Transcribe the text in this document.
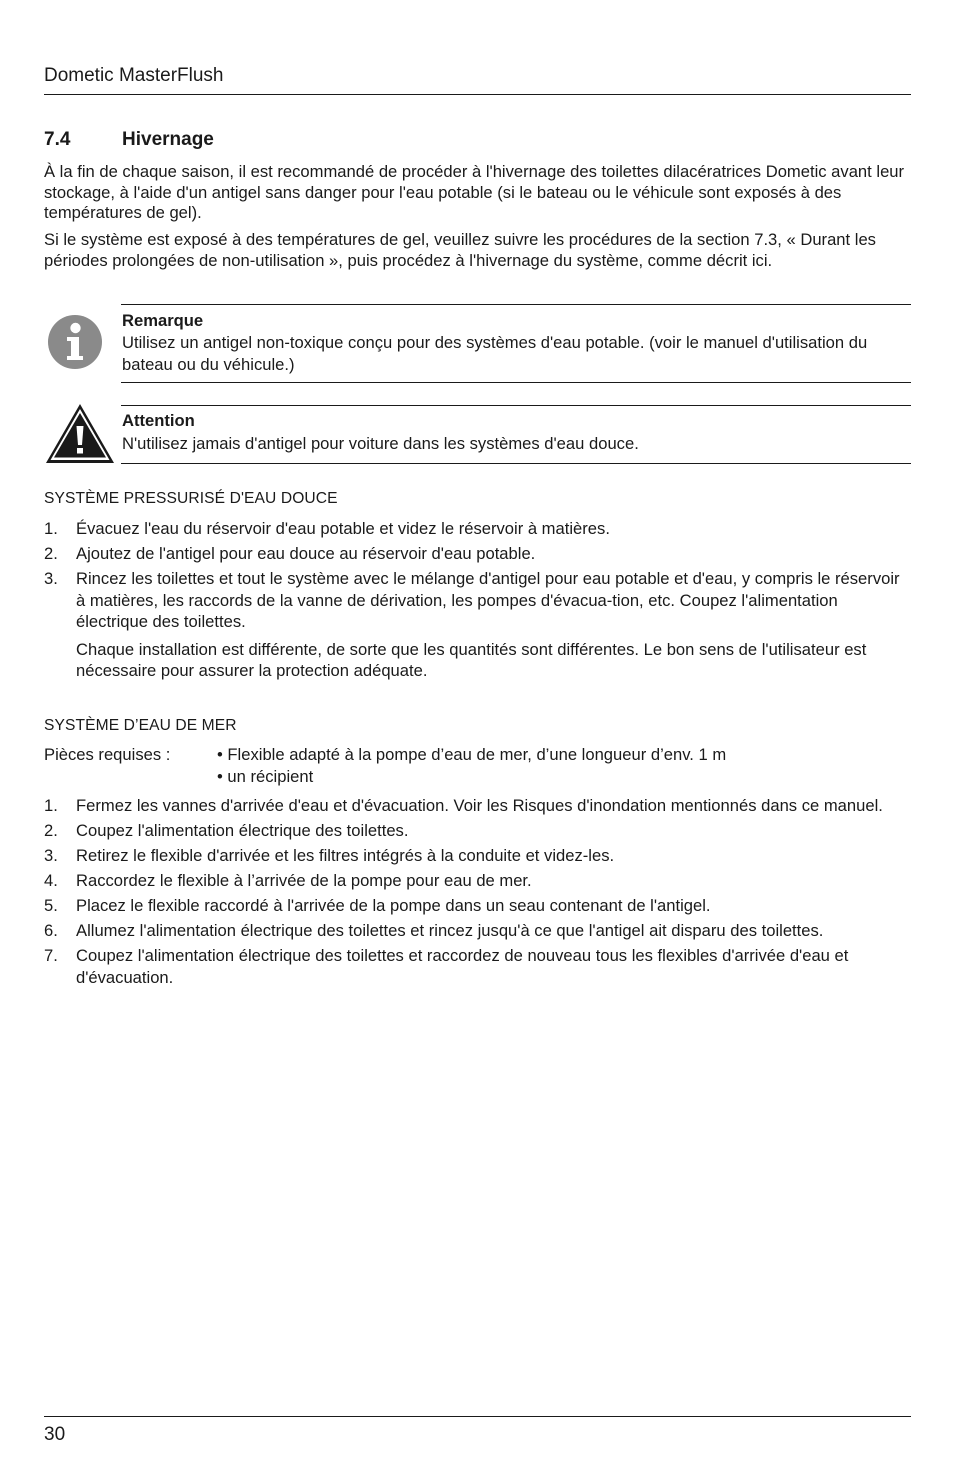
Dometic MasterFlush
7.4	Hivernage
À la fin de chaque saison, il est recommandé de procéder à l'hivernage des toilettes dilacératrices Dometic avant leur stockage, à l'aide d'un antigel sans danger pour l'eau potable (si le bateau ou le véhicule sont exposés à des températures de gel).
Si le système est exposé à des températures de gel, veuillez suivre les procédures de la section 7.3, « Durant les périodes prolongées de non-utilisation », puis procédez à l'hivernage du système, comme décrit ici.
Remarque
Utilisez un antigel non-toxique conçu pour des systèmes d'eau potable. (voir le manuel d'utilisation du bateau ou du véhicule.)
Attention
N'utilisez jamais d'antigel pour voiture dans les systèmes d'eau douce.
SYSTÈME PRESSURISÉ D'EAU DOUCE
1. Évacuez l'eau du réservoir d'eau potable et videz le réservoir à matières.
2. Ajoutez de l'antigel pour eau douce au réservoir d'eau potable.
3. Rincez les toilettes et tout le système avec le mélange d'antigel pour eau potable et d'eau, y compris le réservoir à matières, les raccords de la vanne de dérivation, les pompes d'évacua-tion, etc. Coupez l'alimentation électrique des toilettes.
Chaque installation est différente, de sorte que les quantités sont différentes. Le bon sens de l'utilisateur est nécessaire pour assurer la protection adéquate.
SYSTÈME D’EAU DE MER
Pièces requises :	• Flexible adapté à la pompe d’eau de mer, d’une longueur d’env. 1 m
• un récipient
1. Fermez les vannes d'arrivée d'eau et d'évacuation. Voir les Risques d'inondation mentionnés dans ce manuel.
2. Coupez l'alimentation électrique des toilettes.
3. Retirez le flexible d'arrivée et les filtres intégrés à la conduite et videz-les.
4. Raccordez le flexible à l’arrivée de la pompe pour eau de mer.
5. Placez le flexible raccordé à l'arrivée de la pompe dans un seau contenant de l'antigel.
6. Allumez l'alimentation électrique des toilettes et rincez jusqu'à ce que l'antigel ait disparu des toilettes.
7. Coupez l'alimentation électrique des toilettes et raccordez de nouveau tous les flexibles d'arrivée d'eau et d'évacuation.
30
